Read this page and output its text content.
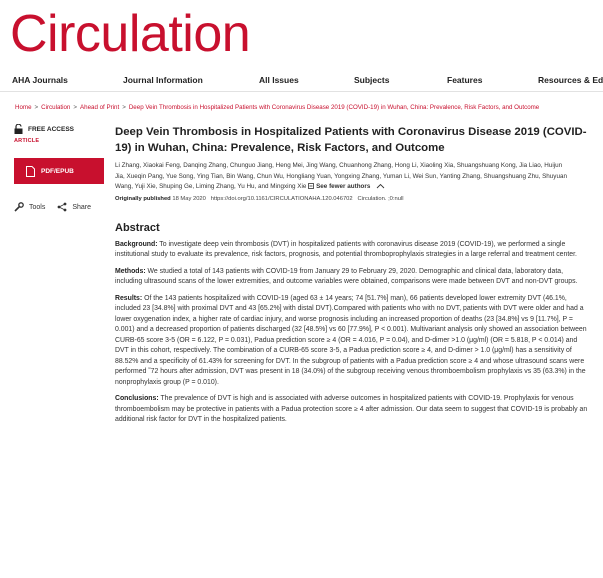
Circulation
AHA Journals	Journal Information	All Issues	Subjects	Features	Resources & Ed
Home > Circulation > Ahead of Print > Deep Vein Thrombosis in Hospitalized Patients with Coronavirus Disease 2019 (COVID-19) in Wuhan, China: Prevalence, Risk Factors, and Outcome
FREE ACCESS
ARTICLE
PDF/EPUB
Tools	Share
Deep Vein Thrombosis in Hospitalized Patients with Coronavirus Disease 2019 (COVID-19) in Wuhan, China: Prevalence, Risk Factors, and Outcome
Li Zhang, Xiaokai Feng, Danqing Zhang, Chunguo Jiang, Heng Mei, Jing Wang, Chuanhong Zhang, Hong Li, Xiaoling Xia, Shuangshuang Kong, Jia Liao, Huijun Jia, Xueqin Pang, Yue Song, Ying Tian, Bin Wang, Chun Wu, Hongliang Yuan, Yongxing Zhang, Yuman Li, Wei Sun, Yanting Zhang, Shuangshuang Zhu, Shuyuan Wang, Yuji Xie, Shuping Ge, Liming Zhang, Yu Hu, and Mingxing Xie See fewer authors
Originally published 18 May 2020 https://doi.org/10.1161/CIRCULATIONAHA.120.046702 Circulation. ;0:null
Abstract

Background: To investigate deep vein thrombosis (DVT) in hospitalized patients with coronavirus disease 2019 (COVID-19), we performed a single institutional study to evaluate its prevalence, risk factors, prognosis, and potential thromboprophylaxis strategies in a large referral and treatment center.

Methods: We studied a total of 143 patients with COVID-19 from January 29 to February 29, 2020. Demographic and clinical data, laboratory data, including ultrasound scans of the lower extremities, and outcome variables were obtained, comparisons were made between DVT and non-DVT groups.

Results: Of the 143 patients hospitalized with COVID-19 (aged 63 ± 14 years; 74 [51.7%] man), 66 patients developed lower extremity DVT (46.1%, included 23 [34.8%] with proximal DVT and 43 [65.2%] with distal DVT).Compared with patients who with no DVT, patients with DVT were older and had a lower oxygenation index, a higher rate of cardiac injury, and worse prognosis including an increased proportion of deaths (23 [34.8%] vs 9 [11.7%], P = 0.001) and a decreased proportion of patients discharged (32 [48.5%] vs 60 [77.9%], P < 0.001). Multivariant analysis only showed an association between CURB-65 score 3-5 (OR = 6.122, P = 0.031), Padua prediction score ≥ 4 (OR = 4.016, P = 0.04), and D-dimer >1.0 (μg/ml) (OR = 5.818, P < 0.014) and DVT in this cohort, respectively. The combination of a CURB-65 score 3-5, a Padua prediction score ≥ 4, and D-dimer > 1.0 (μg/ml) has a sensitivity of 88.52% and a specificity of 61.43% for screening for DVT. In the subgroup of patients with a Padua prediction score ≥ 4 and whose ultrasound scans were performed ˜72 hours after admission, DVT was present in 18 (34.0%) of the subgroup receiving venous thromboembolism prophylaxis vs 35 (63.3%) in the nonprophylaxis group (P = 0.010).

Conclusions: The prevalence of DVT is high and is associated with adverse outcomes in hospitalized patients with COVID-19. Prophylaxis for venous thromboembolism may be protective in patients with a Padua protection score ≥ 4 after admission. Our data seem to suggest that COVID-19 is probably an additional risk factor for DVT in the hospitalized patients.
